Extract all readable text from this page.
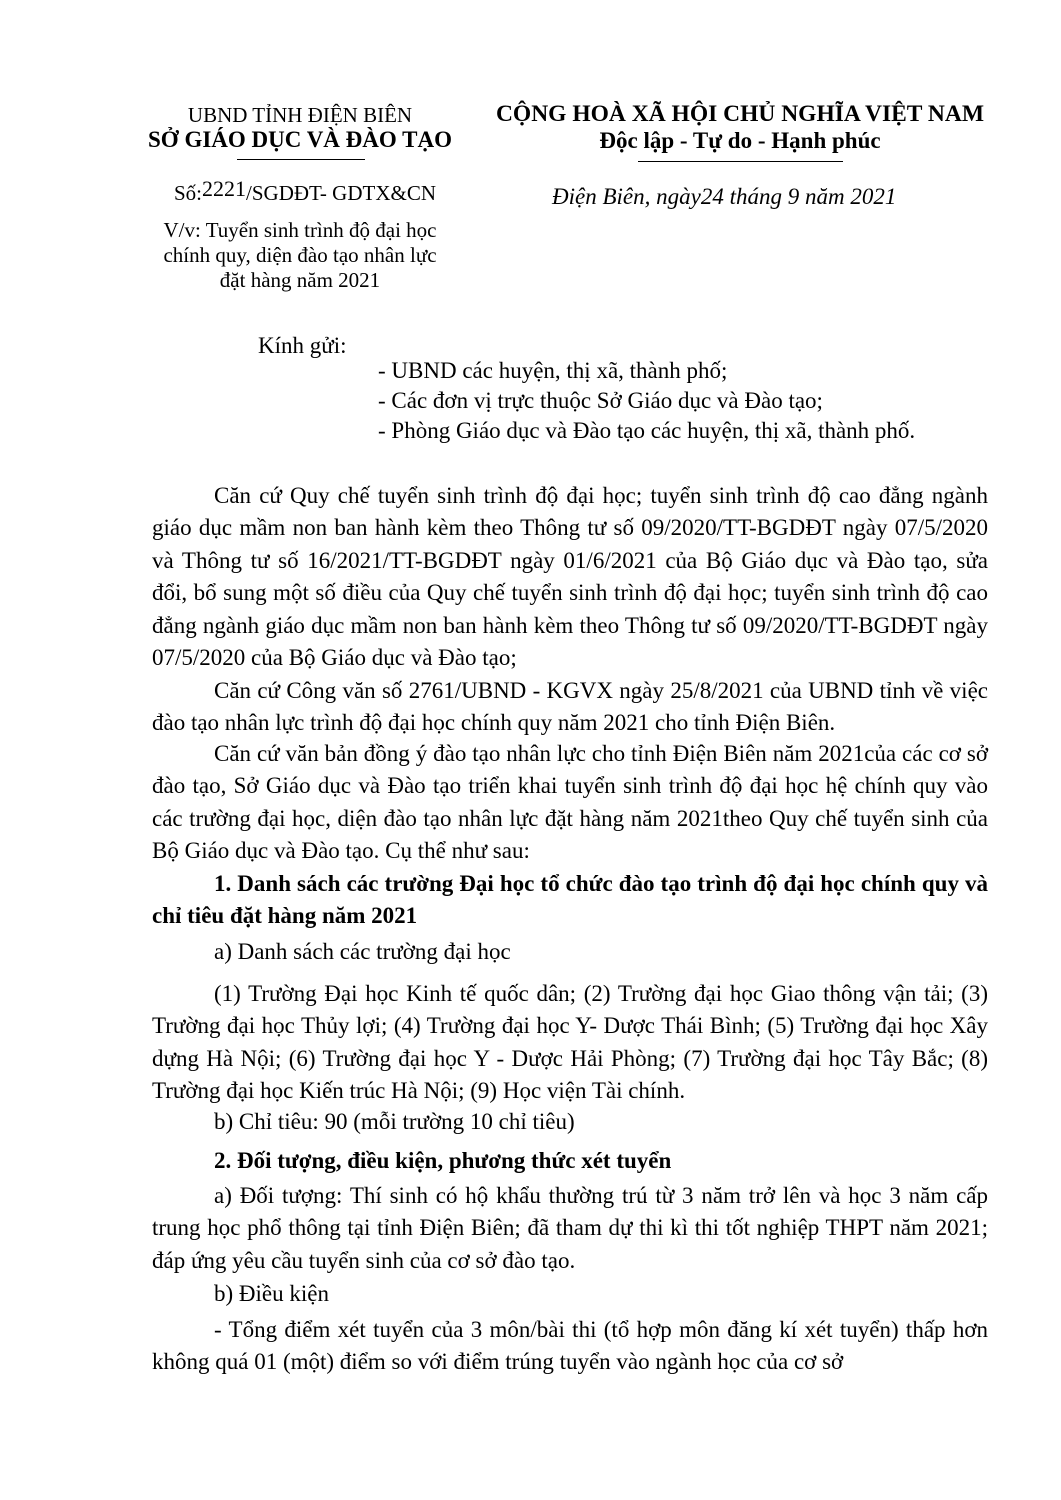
UBND TỈNH ĐIỆN BIÊN
SỞ GIÁO DỤC VÀ ĐÀO TẠO
Số:2221/SGDĐT- GDTX&CN
V/v: Tuyển sinh trình độ đại học
chính quy, diện đào tạo nhân lực
đặt hàng năm 2021
CỘNG HOÀ XÃ HỘI CHỦ NGHĨA VIỆT NAM
Độc lập - Tự do - Hạnh phúc
Điện Biên, ngày24 tháng 9 năm 2021
Kính gửi:
- UBND các huyện, thị xã, thành phố;
- Các đơn vị trực thuộc Sở Giáo dục và Đào tạo;
- Phòng Giáo dục và Đào tạo các huyện, thị xã, thành phố.
Căn cứ Quy chế tuyển sinh trình độ đại học; tuyển sinh trình độ cao đẳng ngành giáo dục mầm non ban hành kèm theo Thông tư số 09/2020/TT-BGDĐT ngày 07/5/2020 và Thông tư số 16/2021/TT-BGDĐT ngày 01/6/2021 của Bộ Giáo dục và Đào tạo, sửa đổi, bổ sung một số điều của Quy chế tuyển sinh trình độ đại học; tuyển sinh trình độ cao đẳng ngành giáo dục mầm non ban hành kèm theo Thông tư số 09/2020/TT-BGDĐT ngày 07/5/2020 của Bộ Giáo dục và Đào tạo;
Căn cứ Công văn số 2761/UBND - KGVX ngày 25/8/2021 của UBND tỉnh về việc đào tạo nhân lực trình độ đại học chính quy năm 2021 cho tỉnh Điện Biên.
Căn cứ văn bản đồng ý đào tạo nhân lực cho tỉnh Điện Biên năm 2021của các cơ sở đào tạo, Sở Giáo dục và Đào tạo triển khai tuyển sinh trình độ đại học hệ chính quy vào các trường đại học, diện đào tạo nhân lực đặt hàng năm 2021theo Quy chế tuyển sinh của Bộ Giáo dục và Đào tạo. Cụ thể như sau:
1. Danh sách các trường Đại học tổ chức đào tạo trình độ đại học chính quy và chỉ tiêu đặt hàng năm 2021
a) Danh sách các trường đại học
(1) Trường Đại học Kinh tế quốc dân; (2) Trường đại học Giao thông vận tải; (3) Trường đại học Thủy lợi; (4) Trường đại học Y- Dược Thái Bình; (5) Trường đại học Xây dựng Hà Nội; (6) Trường đại học Y - Dược Hải Phòng; (7) Trường đại học Tây Bắc; (8) Trường đại học Kiến trúc Hà Nội; (9) Học viện Tài chính.
b) Chỉ tiêu: 90 (mỗi trường 10 chỉ tiêu)
2. Đối tượng, điều kiện, phương thức xét tuyển
a) Đối tượng: Thí sinh có hộ khẩu thường trú từ 3 năm trở lên và học 3 năm cấp trung học phổ thông tại tỉnh Điện Biên; đã tham dự thi kì thi tốt nghiệp THPT năm 2021; đáp ứng yêu cầu tuyển sinh của cơ sở đào tạo.
b) Điều kiện
- Tổng điểm xét tuyển của 3 môn/bài thi (tổ hợp môn đăng kí xét tuyển) thấp hơn không quá 01 (một) điểm so với điểm trúng tuyển vào ngành học của cơ sở
